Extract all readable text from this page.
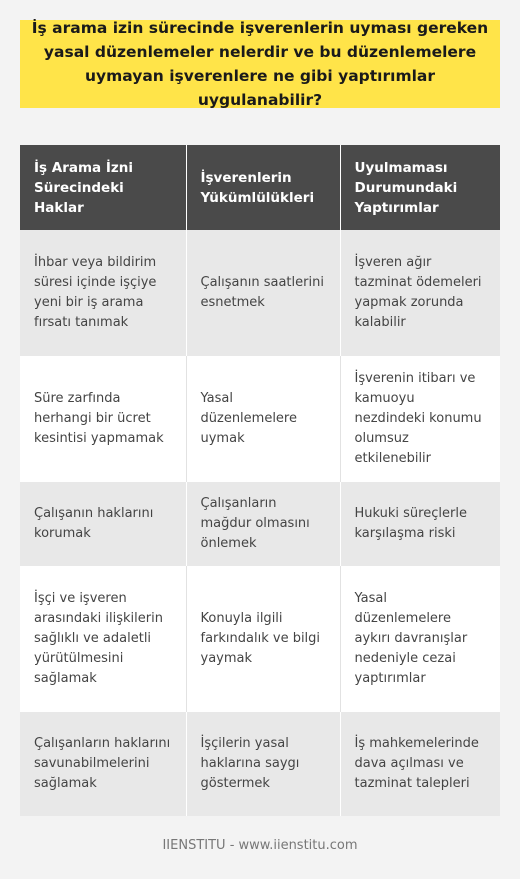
İş arama izin sürecinde işverenlerin uyması gereken yasal düzenlemeler nelerdir ve bu düzenlemelere uymayan işverenlere ne gibi yaptırımlar uygulanabilir?
İş Arama İzni Sürecindeki Haklar	İşverenlerin Yükümlülükleri	Uyulmaması Durumundaki Yaptırımlar
İhbar veya bildirim süresi içinde işçiye yeni bir iş arama fırsatı tanımak	Çalışanın saatlerini esnetmek	İşveren ağır tazminat ödemeleri yapmak zorunda kalabilir
Süre zarfında herhangi bir ücret kesintisi yapmamak	Yasal düzenlemelere uymak	İşverenin itibarı ve kamuoyu nezdindeki konumu olumsuz etkilenebilir
Çalışanın haklarını korumak	Çalışanların mağdur olmasını önlemek	Hukuki süreçlerle karşılaşma riski
İşçi ve işveren arasındaki ilişkilerin sağlıklı ve adaletli yürütülmesini sağlamak	Konuyla ilgili farkındalık ve bilgi yaymak	Yasal düzenlemelere aykırı davranışlar nedeniyle cezai yaptırımlar
Çalışanların haklarını savunabilmelerini sağlamak	İşçilerin yasal haklarına saygı göstermek	İş mahkemelerinde dava açılması ve tazminat talepleri
IIENSTITU - www.iienstitu.com
